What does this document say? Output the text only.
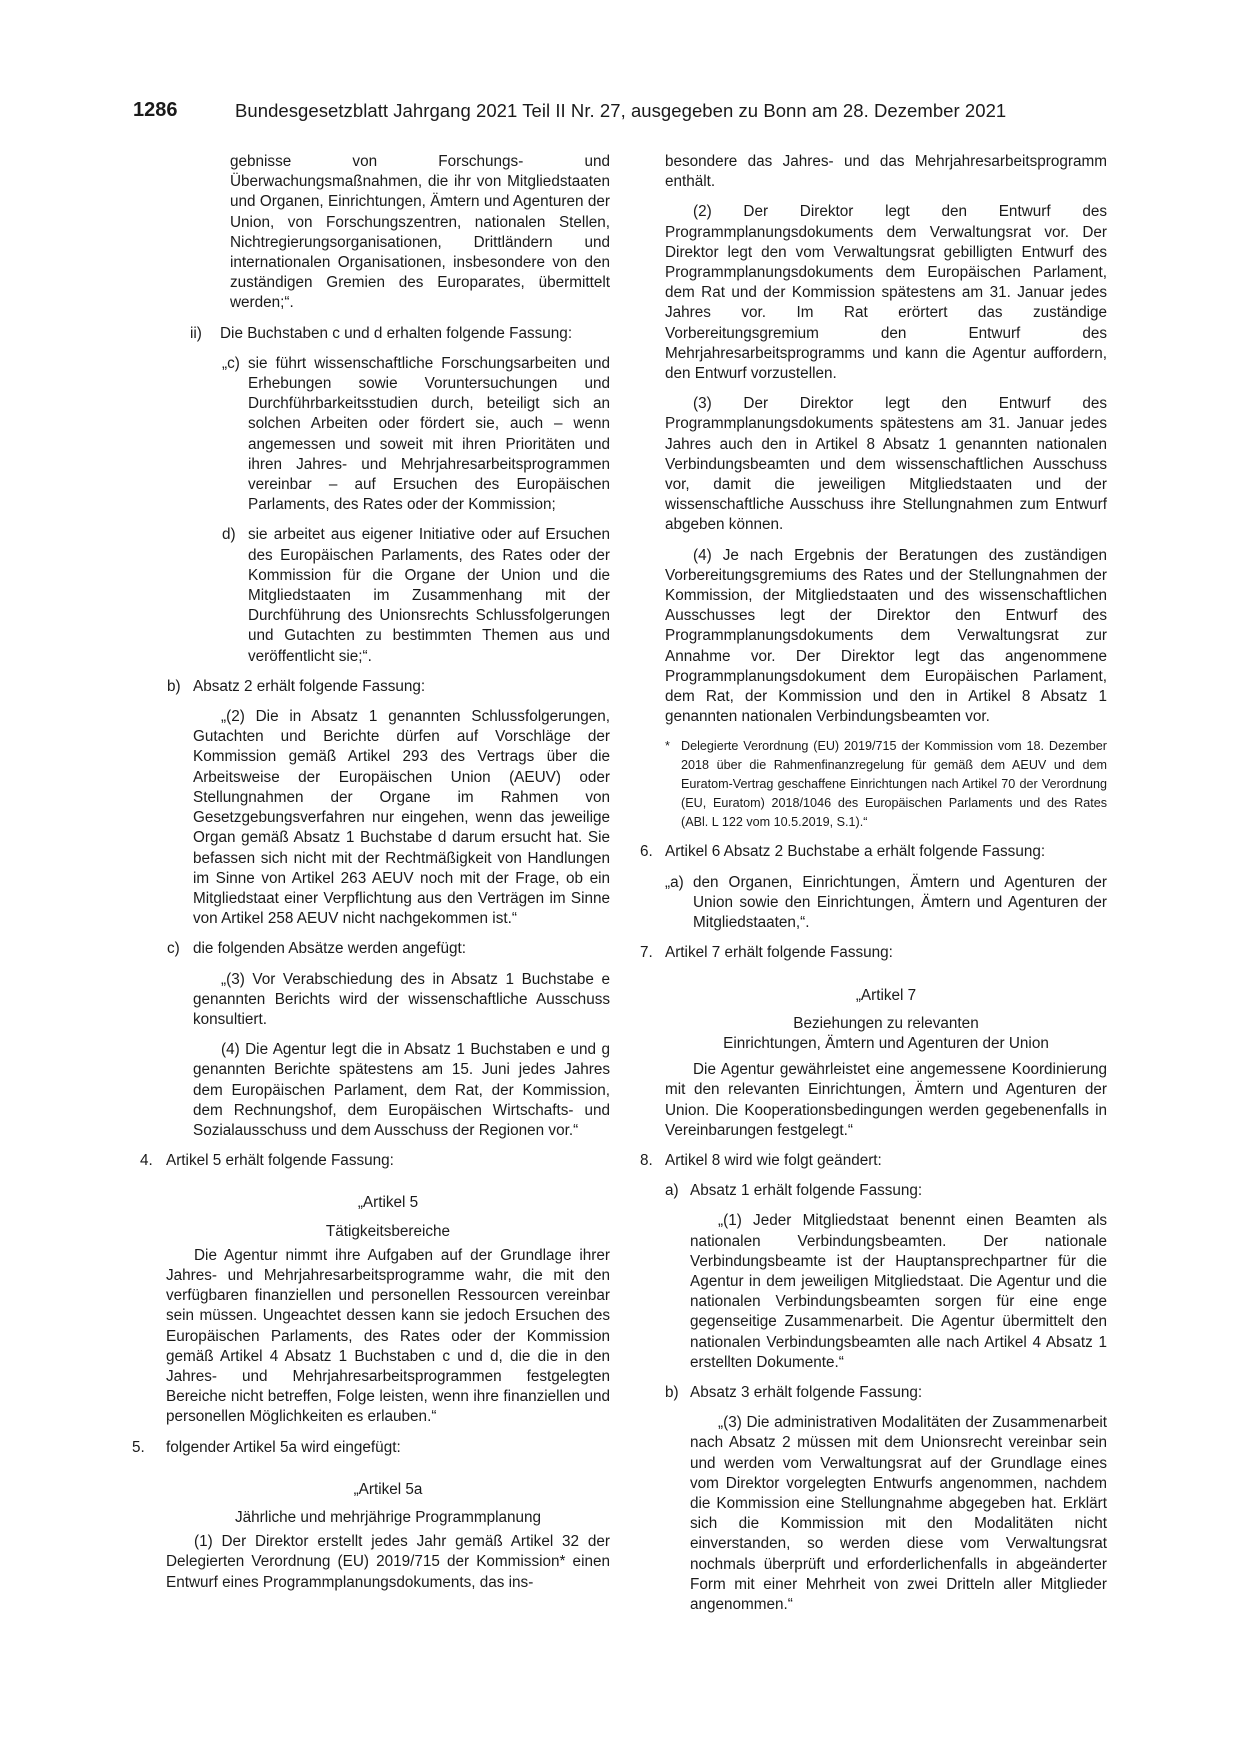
1286	Bundesgesetzblatt Jahrgang 2021 Teil II Nr. 27, ausgegeben zu Bonn am 28. Dezember 2021

gebnisse von Forschungs- und Überwachungsmaßnahmen, die ihr von Mitgliedstaaten und Organen, Einrichtungen, Ämtern und Agenturen der Union, von Forschungszentren, nationalen Stellen, Nichtregierungsorganisationen, Drittländern und internationalen Organisationen, insbesondere von den zuständigen Gremien des Europarates, übermittelt werden;“.

ii) Die Buchstaben c und d erhalten folgende Fassung:

„c) sie führt wissenschaftliche Forschungsarbeiten und Erhebungen sowie Voruntersuchungen und Durchführbarkeitsstudien durch, beteiligt sich an solchen Arbeiten oder fördert sie, auch – wenn angemessen und soweit mit ihren Prioritäten und ihren Jahres- und Mehrjahresarbeitsprogrammen vereinbar – auf Ersuchen des Europäischen Parlaments, des Rates oder der Kommission;

d) sie arbeitet aus eigener Initiative oder auf Ersuchen des Europäischen Parlaments, des Rates oder der Kommission für die Organe der Union und die Mitgliedstaaten im Zusammenhang mit der Durchführung des Unionsrechts Schlussfolgerungen und Gutachten zu bestimmten Themen aus und veröffentlicht sie;“.

b) Absatz 2 erhält folgende Fassung:

„(2) Die in Absatz 1 genannten Schlussfolgerungen, Gutachten und Berichte dürfen auf Vorschläge der Kommission gemäß Artikel 293 des Vertrags über die Arbeitsweise der Europäischen Union (AEUV) oder Stellungnahmen der Organe im Rahmen von Gesetzgebungsverfahren nur eingehen, wenn das jeweilige Organ gemäß Absatz 1 Buchstabe d darum ersucht hat. Sie befassen sich nicht mit der Rechtmäßigkeit von Handlungen im Sinne von Artikel 263 AEUV noch mit der Frage, ob ein Mitgliedstaat einer Verpflichtung aus den Verträgen im Sinne von Artikel 258 AEUV nicht nachgekommen ist.“

c) die folgenden Absätze werden angefügt:

„(3) Vor Verabschiedung des in Absatz 1 Buchstabe e genannten Berichts wird der wissenschaftliche Ausschuss konsultiert.

(4) Die Agentur legt die in Absatz 1 Buchstaben e und g genannten Berichte spätestens am 15. Juni jedes Jahres dem Europäischen Parlament, dem Rat, der Kommission, dem Rechnungshof, dem Europäischen Wirtschafts- und Sozialausschuss und dem Ausschuss der Regionen vor.“

4. Artikel 5 erhält folgende Fassung:

„Artikel 5

Tätigkeitsbereiche

Die Agentur nimmt ihre Aufgaben auf der Grundlage ihrer Jahres- und Mehrjahresarbeitsprogramme wahr, die mit den verfügbaren finanziellen und personellen Ressourcen vereinbar sein müssen. Ungeachtet dessen kann sie jedoch Ersuchen des Europäischen Parlaments, des Rates oder der Kommission gemäß Artikel 4 Absatz 1 Buchstaben c und d, die die in den Jahres- und Mehrjahresarbeitsprogrammen festgelegten Bereiche nicht betreffen, Folge leisten, wenn ihre finanziellen und personellen Möglichkeiten es erlauben.“

5. folgender Artikel 5a wird eingefügt:

„Artikel 5a

Jährliche und mehrjährige Programmplanung

(1) Der Direktor erstellt jedes Jahr gemäß Artikel 32 der Delegierten Verordnung (EU) 2019/715 der Kommission* einen Entwurf eines Programmplanungsdokuments, das ins-

besondere das Jahres- und das Mehrjahresarbeitsprogramm enthält.

(2) Der Direktor legt den Entwurf des Programmplanungsdokuments dem Verwaltungsrat vor. Der Direktor legt den vom Verwaltungsrat gebilligten Entwurf des Programmplanungsdokuments dem Europäischen Parlament, dem Rat und der Kommission spätestens am 31. Januar jedes Jahres vor. Im Rat erörtert das zuständige Vorbereitungsgremium den Entwurf des Mehrjahresarbeitsprogramms und kann die Agentur auffordern, den Entwurf vorzustellen.

(3) Der Direktor legt den Entwurf des Programmplanungsdokuments spätestens am 31. Januar jedes Jahres auch den in Artikel 8 Absatz 1 genannten nationalen Verbindungsbeamten und dem wissenschaftlichen Ausschuss vor, damit die jeweiligen Mitgliedstaaten und der wissenschaftliche Ausschuss ihre Stellungnahmen zum Entwurf abgeben können.

(4) Je nach Ergebnis der Beratungen des zuständigen Vorbereitungsgremiums des Rates und der Stellungnahmen der Kommission, der Mitgliedstaaten und des wissenschaftlichen Ausschusses legt der Direktor den Entwurf des Programmplanungsdokuments dem Verwaltungsrat zur Annahme vor. Der Direktor legt das angenommene Programmplanungsdokument dem Europäischen Parlament, dem Rat, der Kommission und den in Artikel 8 Absatz 1 genannten nationalen Verbindungsbeamten vor.

* Delegierte Verordnung (EU) 2019/715 der Kommission vom 18. Dezember 2018 über die Rahmenfinanzregelung für gemäß dem AEUV und dem Euratom-Vertrag geschaffene Einrichtungen nach Artikel 70 der Verordnung (EU, Euratom) 2018/1046 des Europäischen Parlaments und des Rates (ABl. L 122 vom 10.5.2019, S.1).“

6. Artikel 6 Absatz 2 Buchstabe a erhält folgende Fassung:

„a) den Organen, Einrichtungen, Ämtern und Agenturen der Union sowie den Einrichtungen, Ämtern und Agenturen der Mitgliedstaaten,“.

7. Artikel 7 erhält folgende Fassung:

„Artikel 7

Beziehungen zu relevanten

Einrichtungen, Ämtern und Agenturen der Union

Die Agentur gewährleistet eine angemessene Koordinierung mit den relevanten Einrichtungen, Ämtern und Agenturen der Union. Die Kooperationsbedingungen werden gegebenenfalls in Vereinbarungen festgelegt.“

8. Artikel 8 wird wie folgt geändert:

a) Absatz 1 erhält folgende Fassung:

„(1) Jeder Mitgliedstaat benennt einen Beamten als nationalen Verbindungsbeamten. Der nationale Verbindungsbeamte ist der Hauptansprechpartner für die Agentur in dem jeweiligen Mitgliedstaat. Die Agentur und die nationalen Verbindungsbeamten sorgen für eine enge gegenseitige Zusammenarbeit. Die Agentur übermittelt den nationalen Verbindungsbeamten alle nach Artikel 4 Absatz 1 erstellten Dokumente.“

b) Absatz 3 erhält folgende Fassung:

„(3) Die administrativen Modalitäten der Zusammenarbeit nach Absatz 2 müssen mit dem Unionsrecht vereinbar sein und werden vom Verwaltungsrat auf der Grundlage eines vom Direktor vorgelegten Entwurfs angenommen, nachdem die Kommission eine Stellungnahme abgegeben hat. Erklärt sich die Kommission mit den Modalitäten nicht einverstanden, so werden diese vom Verwaltungsrat nochmals überprüft und erforderlichenfalls in abgeänderter Form mit einer Mehrheit von zwei Dritteln aller Mitglieder angenommen.“
